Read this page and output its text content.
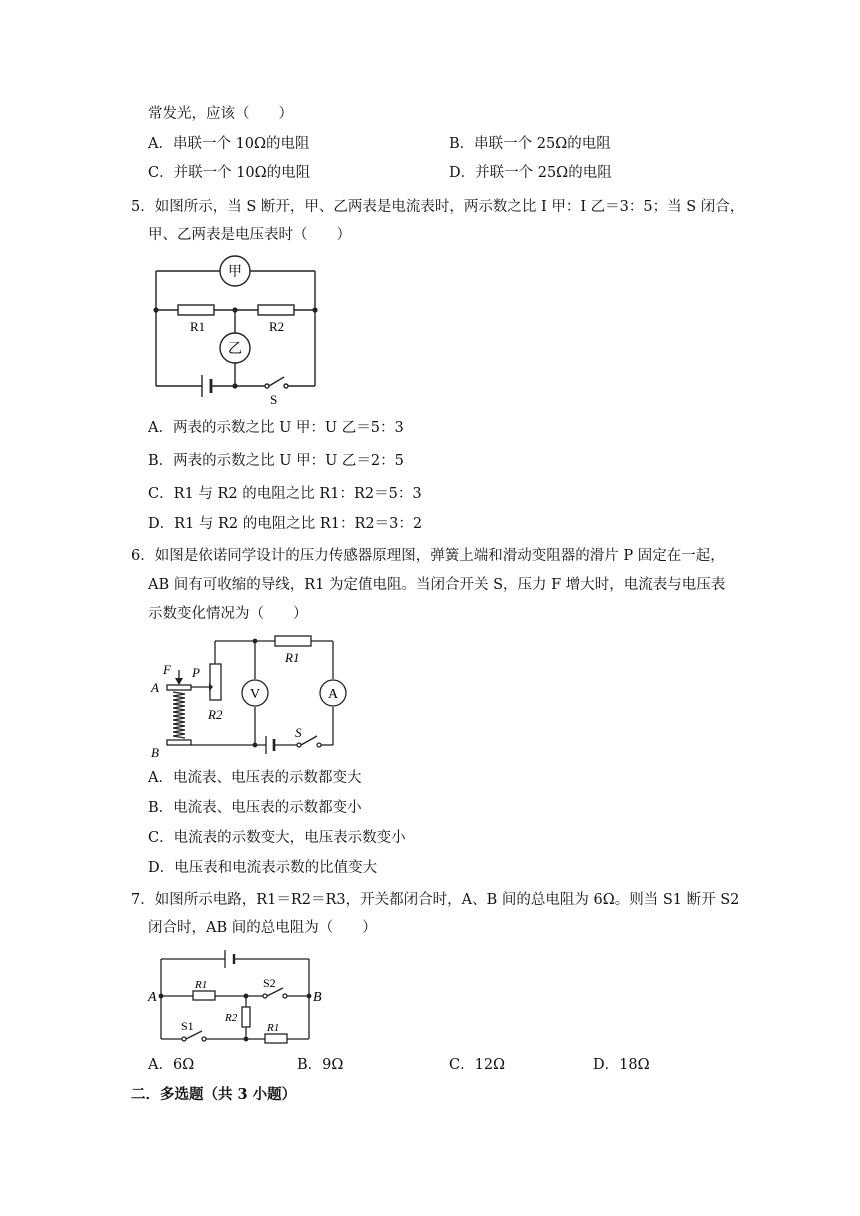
常发光，应该（　　）
A．串联一个 10Ω的电阻	B．串联一个 25Ω的电阻
C．并联一个 10Ω的电阻	D．并联一个 25Ω的电阻
5．如图所示，当 S 断开，甲、乙两表是电流表时，两示数之比 I 甲：I 乙＝3：5；当 S 闭合，
甲、乙两表是电压表时（　　）
甲
乙
R1	R2
S
A．两表的示数之比 U 甲：U 乙＝5：3
B．两表的示数之比 U 甲：U 乙＝2：5
C．R1 与 R2 的电阻之比 R1：R2＝5：3
D．R1 与 R2 的电阻之比 R1：R2＝3：2
6．如图是依诺同学设计的压力传感器原理图，弹簧上端和滑动变阻器的滑片 P 固定在一起，
AB 间有可收缩的导线，R1 为定值电阻。当闭合开关 S，压力 F 增大时，电流表与电压表
示数变化情况为（　　）
F P
A
B
R2
R1
V	A
S
A．电流表、电压表的示数都变大
B．电流表、电压表的示数都变小
C．电流表的示数变大，电压表示数变小
D．电压表和电流表示数的比值变大
7．如图所示电路，R1＝R2＝R3，开关都闭合时，A、B 间的总电阻为 6Ω。则当 S1 断开 S2
闭合时，AB 间的总电阻为（　　）
A	B
R1
R2
R1
S1
S2
A．6Ω	B．9Ω	C．12Ω	D．18Ω
二．多选题（共 3 小题）
